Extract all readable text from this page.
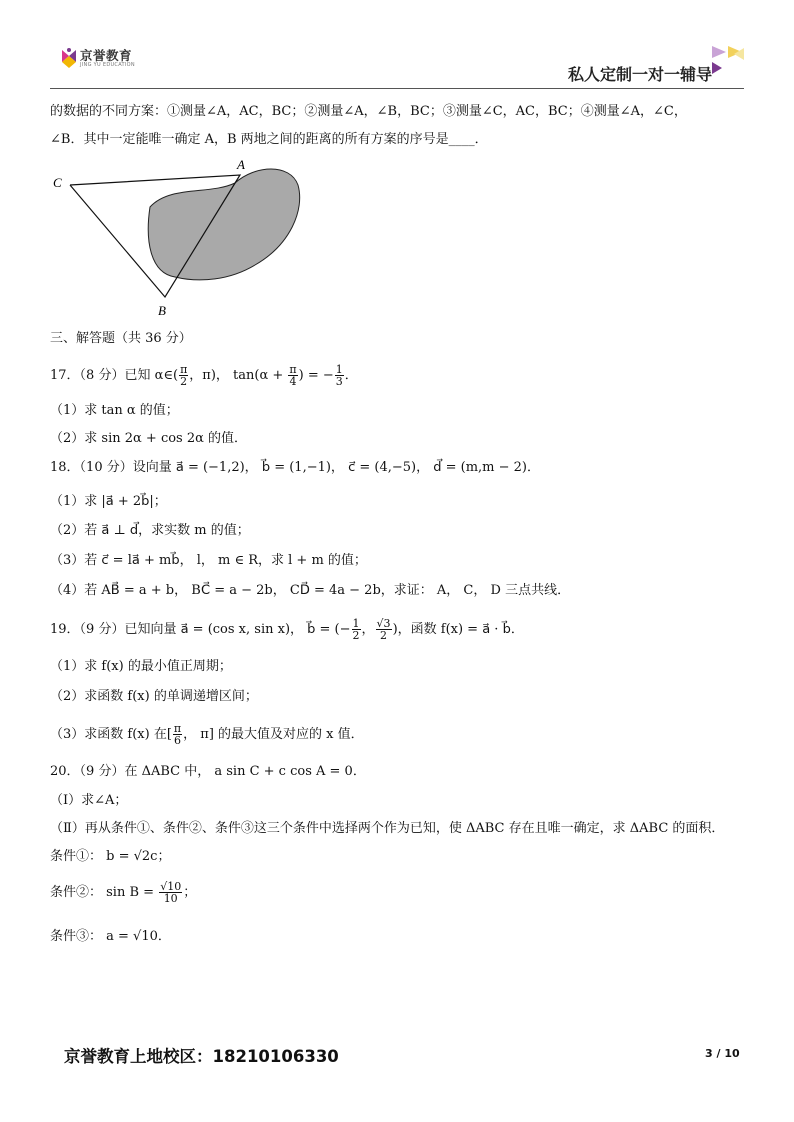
京誉教育
JING YU EDUCATION	私人定制一对一辅导
的数据的不同方案：①测量∠A，AC，BC；②测量∠A，∠B，BC；③测量∠C，AC，BC；④测量∠A，∠C，
∠B．其中一定能唯一确定 A，B 两地之间的距离的所有方案的序号是____．
C
A
B
三、解答题（共 36 分）
17．（8 分）已知 α∈( $\frac{\pi}{2}$ ，π)， $\tan(\alpha + \frac{\pi}{4}$ ) = − $\frac{1}{3}$ ．
（1）求 tan α 的值；
（2）求 sin 2α + cos 2α 的值．
18．（10 分）设向量 a⃗ = (−1,2)， b⃗ = (1,−1)， c⃗ = (4,−5)， d⃗ = (m,m − 2)．
（1）求 |a⃗ + 2b⃗|；
（2）若 a⃗ ⊥ d⃗，求实数 m 的值；
（3）若 c⃗ = la⃗ + mb⃗， l， m ∈ R，求 l + m 的值；
（4）若 AB⃗ = a + b， BC⃗ = a − 2b， CD⃗ = 4a − 2b，求证： A， C， D 三点共线．
19．（9 分）已知向量 a⃗ = (cos x, sin x)， b⃗ = (− $\frac{1}{2}$ ， $\frac{√3}{2}$ )，函数 f(x) = a⃗ · b⃗．
（1）求 f(x) 的最小值正周期；
（2）求函数 f(x) 的单调递增区间；
（3）求函数 f(x) 在[ $\frac{\pi}{6}$ ， π] 的最大值及对应的 x 值．
20．（9 分）在 ΔABC 中， a sin C + c cos A = 0．
（Ⅰ）求∠A；
（Ⅱ）再从条件①、条件②、条件③这三个条件中选择两个作为已知，使 ΔABC 存在且唯一确定，求 ΔABC 的面积．
条件①： b = √2c；
条件②： $\sin B = \frac{√10}{10}$ ；
条件③： a = √10．
京誉教育上地校区：18210106330	3 / 10
